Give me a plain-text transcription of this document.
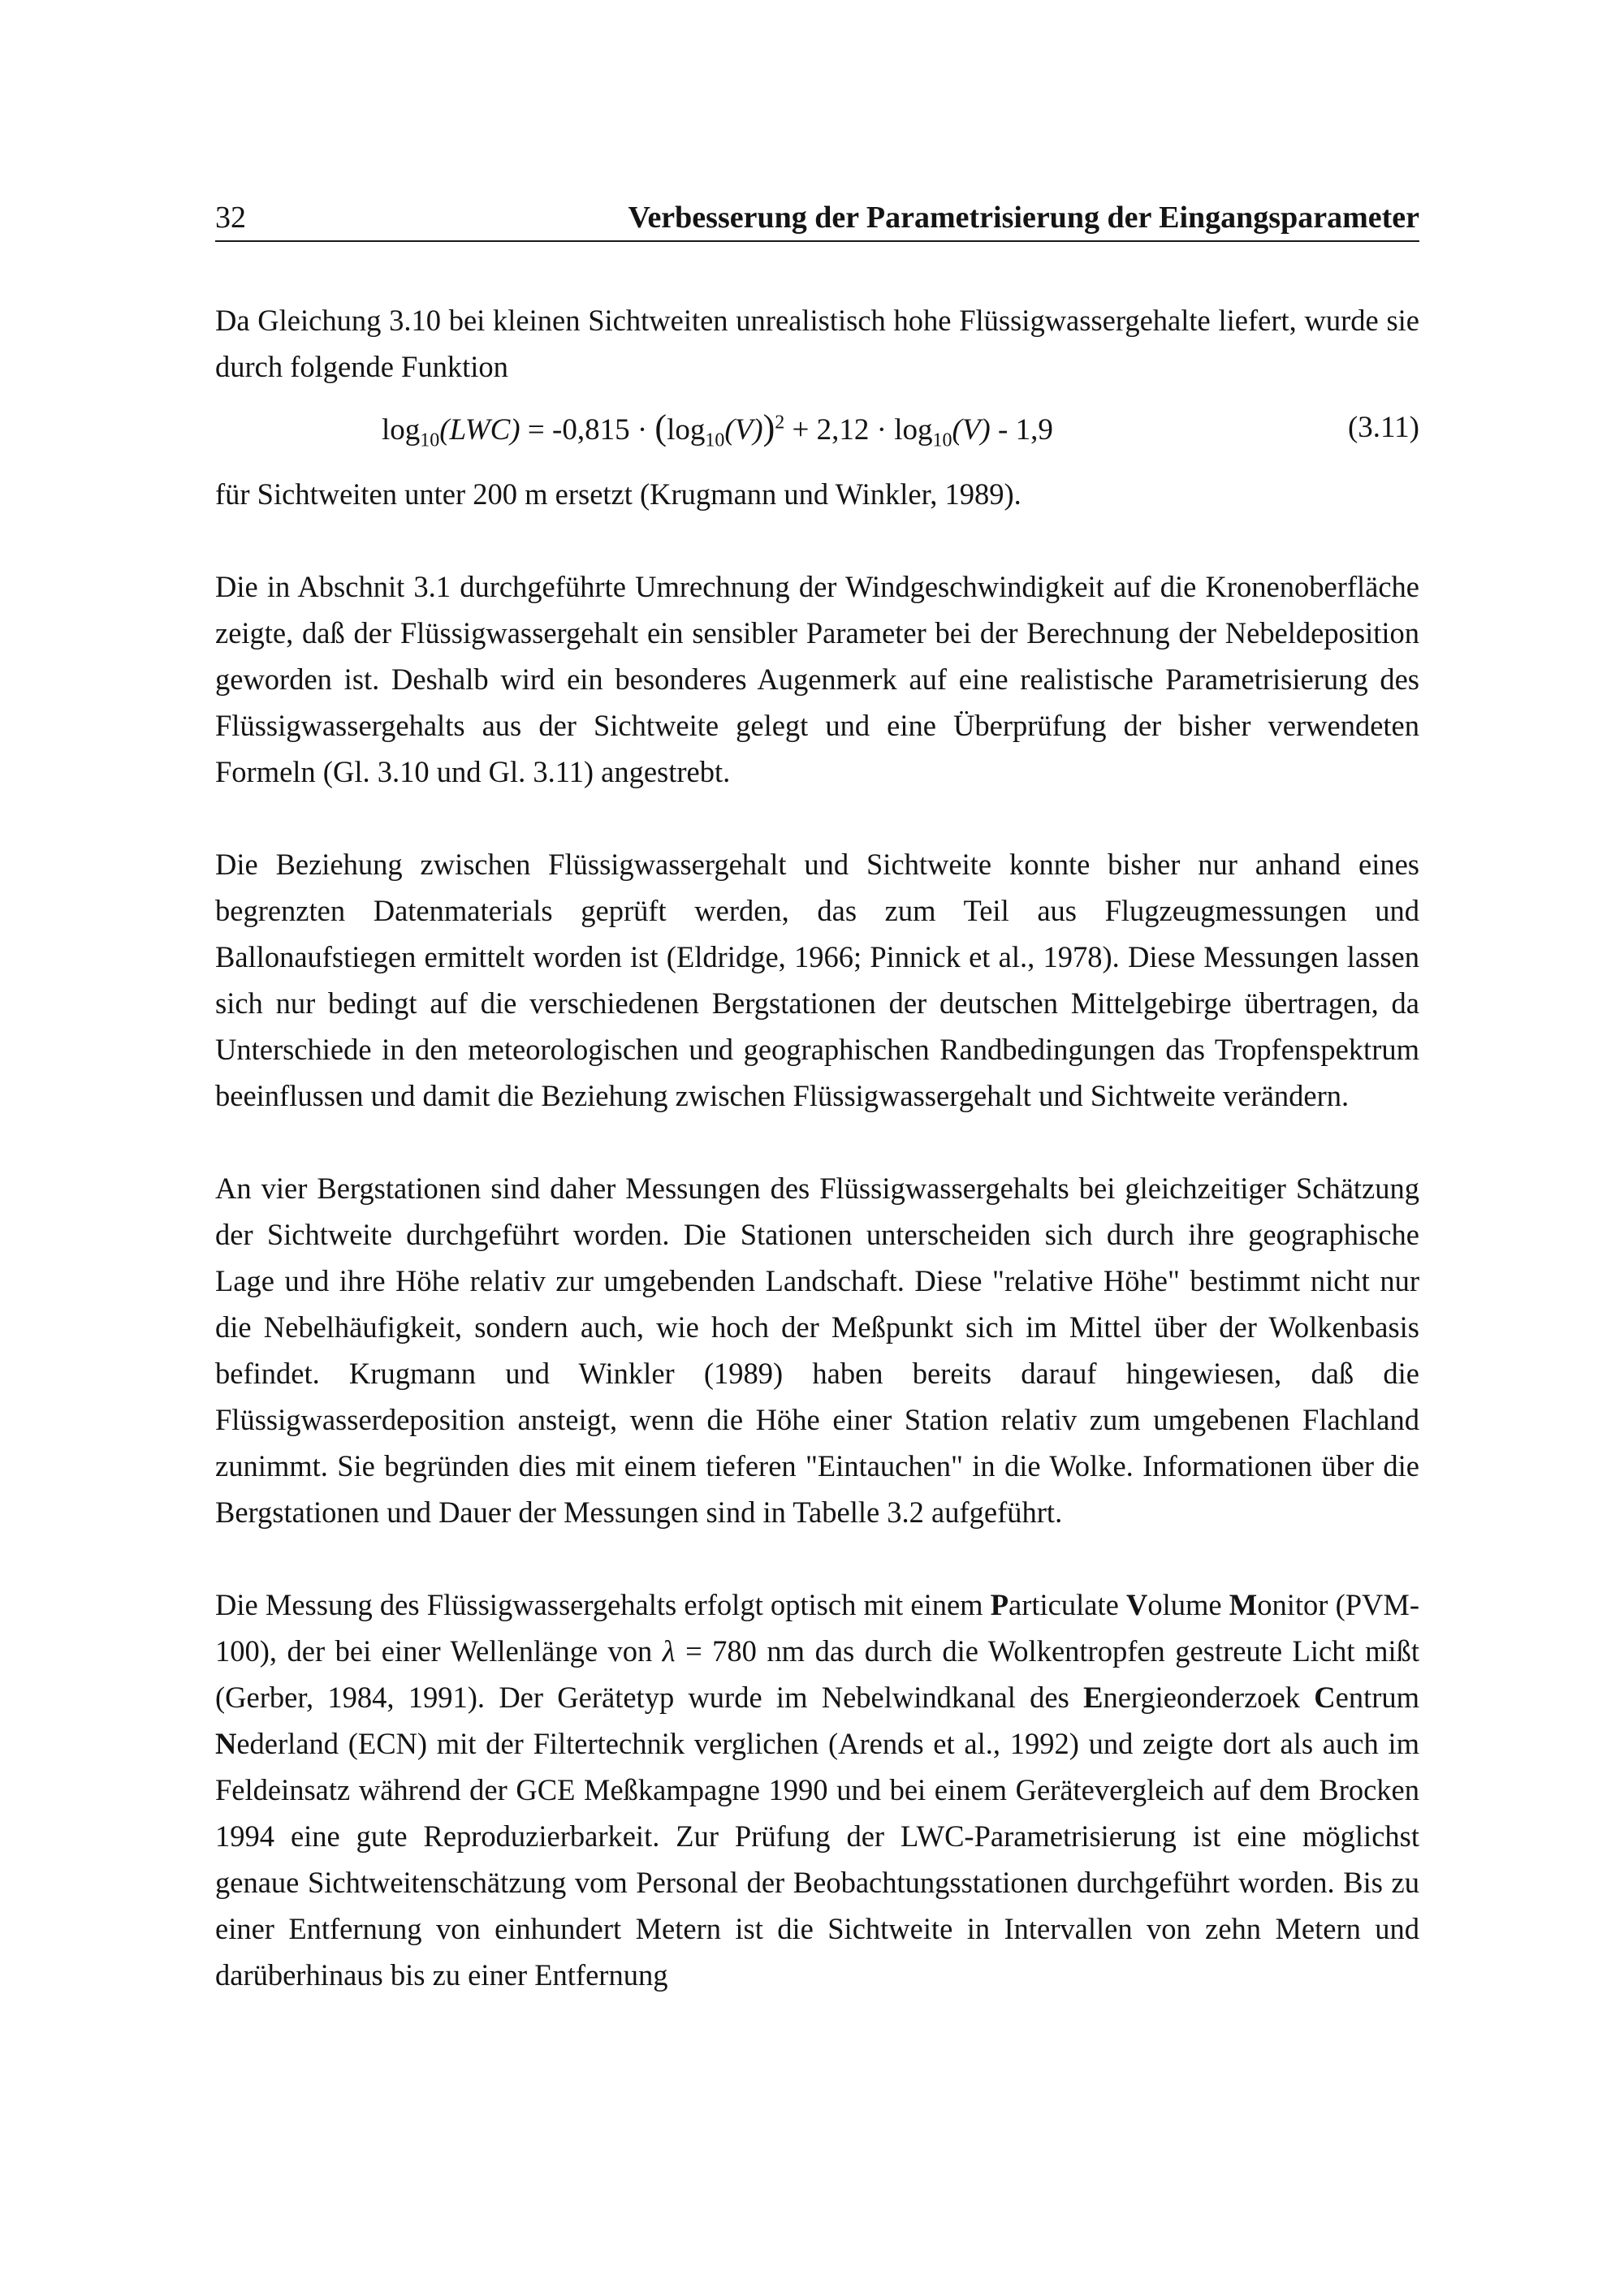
32	Verbesserung der Parametrisierung der Eingangsparameter

Da Gleichung 3.10 bei kleinen Sichtweiten unrealistisch hohe Flüssigwassergehalte liefert, wurde sie durch folgende Funktion

$\log_{10}(LWC) = -0,815 \cdot (\log_{10}(V))^2 + 2,12 \cdot \log_{10}(V) - 1,9$	(3.11)

für Sichtweiten unter 200 m ersetzt (Krugmann und Winkler, 1989).

Die in Abschnit 3.1 durchgeführte Umrechnung der Windgeschwindigkeit auf die Kronenoberfläche zeigte, daß der Flüssigwassergehalt ein sensibler Parameter bei der Berechnung der Nebeldeposition geworden ist. Deshalb wird ein besonderes Augenmerk auf eine realistische Parametrisierung des Flüssigwassergehalts aus der Sichtweite gelegt und eine Überprüfung der bisher verwendeten Formeln (Gl. 3.10 und Gl. 3.11) angestrebt.

Die Beziehung zwischen Flüssigwassergehalt und Sichtweite konnte bisher nur anhand eines begrenzten Datenmaterials geprüft werden, das zum Teil aus Flugzeugmessungen und Ballonaufstiegen ermittelt worden ist (Eldridge, 1966; Pinnick et al., 1978). Diese Messungen lassen sich nur bedingt auf die verschiedenen Bergstationen der deutschen Mittelgebirge übertragen, da Unterschiede in den meteorologischen und geographischen Randbedingungen das Tropfenspektrum beeinflussen und damit die Beziehung zwischen Flüssigwassergehalt und Sichtweite verändern.

An vier Bergstationen sind daher Messungen des Flüssigwassergehalts bei gleichzeitiger Schätzung der Sichtweite durchgeführt worden. Die Stationen unterscheiden sich durch ihre geographische Lage und ihre Höhe relativ zur umgebenden Landschaft. Diese "relative Höhe" bestimmt nicht nur die Nebelhäufigkeit, sondern auch, wie hoch der Meßpunkt sich im Mittel über der Wolkenbasis befindet. Krugmann und Winkler (1989) haben bereits darauf hingewiesen, daß die Flüssigwasserdeposition ansteigt, wenn die Höhe einer Station relativ zum umgebenen Flachland zunimmt. Sie begründen dies mit einem tieferen "Eintauchen" in die Wolke. Informationen über die Bergstationen und Dauer der Messungen sind in Tabelle 3.2 aufgeführt.

Die Messung des Flüssigwassergehalts erfolgt optisch mit einem Particulate Volume Monitor (PVM-100), der bei einer Wellenlänge von λ = 780 nm das durch die Wolkentropfen gestreute Licht mißt (Gerber, 1984, 1991). Der Gerätetyp wurde im Nebelwindkanal des Energieonderzoek Centrum Nederland (ECN) mit der Filtertechnik verglichen (Arends et al., 1992) und zeigte dort als auch im Feldeinsatz während der GCE Meßkampagne 1990 und bei einem Gerätevergleich auf dem Brocken 1994 eine gute Reproduzierbarkeit. Zur Prüfung der LWC-Parametrisierung ist eine möglichst genaue Sichtweitenschätzung vom Personal der Beobachtungsstationen durchgeführt worden. Bis zu einer Entfernung von einhundert Metern ist die Sichtweite in Intervallen von zehn Metern und darüberhinaus bis zu einer Entfernung
